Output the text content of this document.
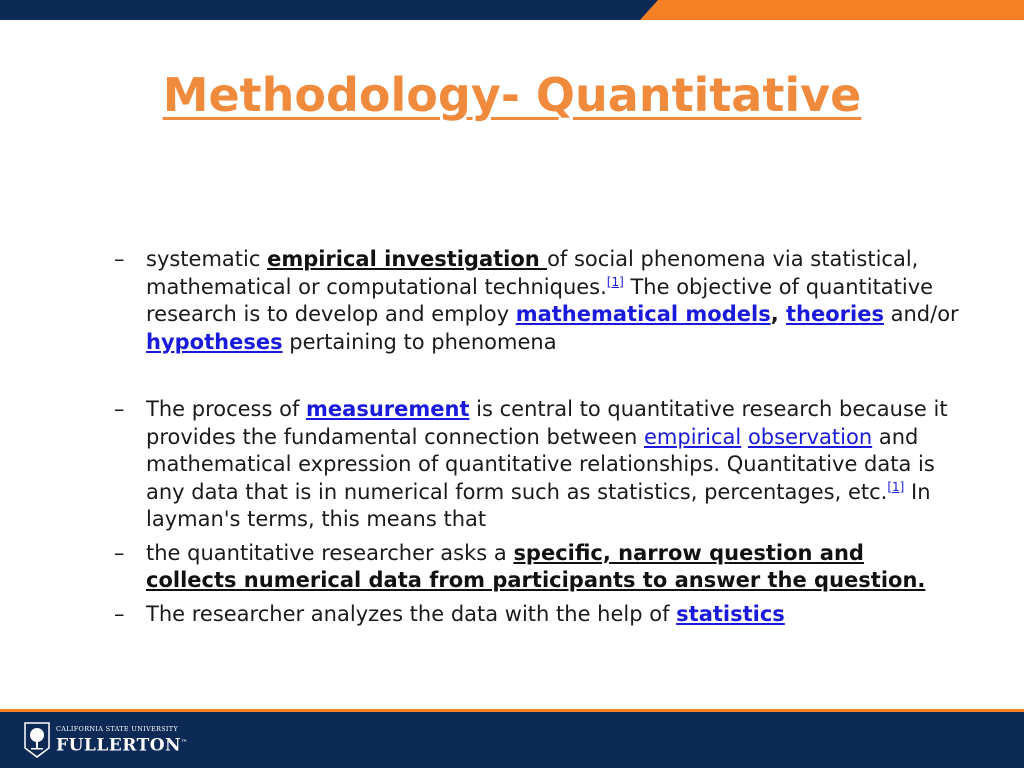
Methodology- Quantitative

– systematic empirical investigation of social phenomena via statistical, mathematical or computational techniques.[1] The objective of quantitative research is to develop and employ mathematical models, theories and/or hypotheses pertaining to phenomena

– The process of measurement is central to quantitative research because it provides the fundamental connection between empirical observation and mathematical expression of quantitative relationships. Quantitative data is any data that is in numerical form such as statistics, percentages, etc.[1] In layman's terms, this means that

– the quantitative researcher asks a specific, narrow question and collects numerical data from participants to answer the question.

– The researcher analyzes the data with the help of statistics

CALIFORNIA STATE UNIVERSITY
FULLERTON™
